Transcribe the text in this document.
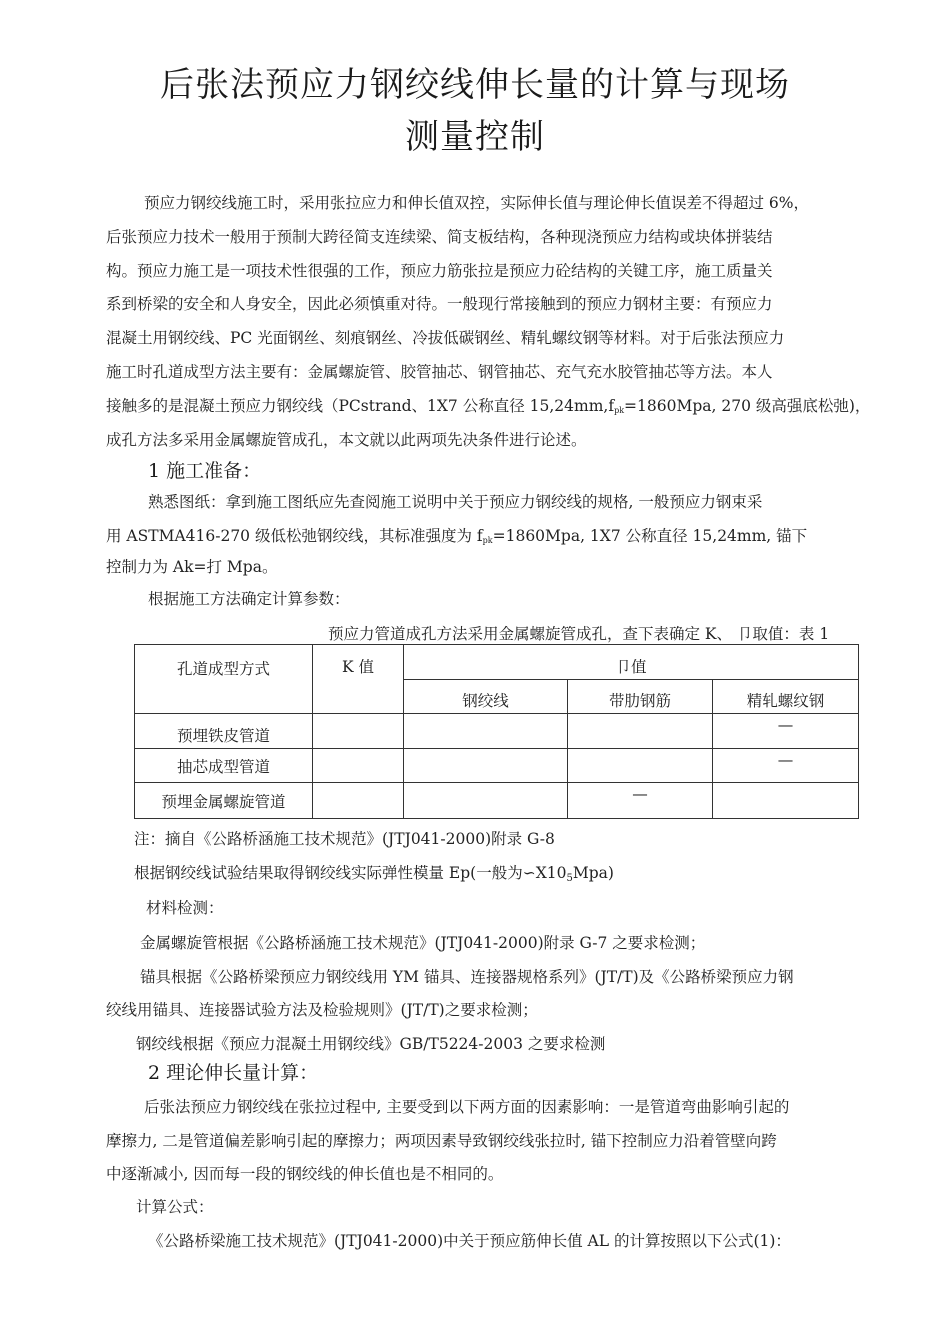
后张法预应力钢绞线伸长量的计算与现场
测量控制
预应力钢绞线施工时，采用张拉应力和伸长值双控，实际伸长值与理论伸长值误差不得超过 6%，
后张预应力技术一般用于预制大跨径简支连续梁、简支板结构，各种现浇预应力结构或块体拼装结
构。预应力施工是一项技术性很强的工作，预应力筋张拉是预应力砼结构的关键工序，施工质量关
系到桥梁的安全和人身安全，因此必须慎重对待。一般现行常接触到的预应力钢材主要：有预应力
混凝土用钢绞线、PC 光面钢丝、刻痕钢丝、冷拔低碳钢丝、精轧螺纹钢等材料。对于后张法预应力
施工时孔道成型方法主要有：金属螺旋管、胶管抽芯、钢管抽芯、充气充水胶管抽芯等方法。本人
接触多的是混凝土预应力钢绞线（PCstrand、1X7 公称直径 $15,24mm,f_{pk}=1860Mpa$, 270 级高强底松弛)，
成孔方法多采用金属螺旋管成孔，本文就以此两项先决条件进行论述。
1 施工准备：
熟悉图纸：拿到施工图纸应先查阅施工说明中关于预应力钢绞线的规格, 一般预应力钢束采
用 ASTMA416-270 级低松弛钢绞线，其标准强度为 $f_{pk}=1860Mpa$, 1X7 公称直径 15,24mm, 锚下
控制力为 Ak=打 Mpa。
根据施工方法确定计算参数：
预应力管道成孔方法采用金属螺旋管成孔，查下表确定 K、 卩取值：表 1
孔道成型方式	K 值	卩值		
		钢绞线	带肋钢筋	精轧螺纹钢
预埋铁皮管道				—
抽芯成型管道				—
预埋金属螺旋管道			—	
注：摘自《公路桥涵施工技术规范》(JTJ041-2000)附录 G-8
根据钢绞线试验结果取得钢绞线实际弹性模量 Ep(一般为$∽X10_5Mpa$)
材料检测：
金属螺旋管根据《公路桥涵施工技术规范》(JTJ041-2000)附录 G-7 之要求检测；
锚具根据《公路桥梁预应力钢绞线用 YM 锚具、连接器规格系列》(JT/T)及《公路桥梁预应力钢
绞线用锚具、连接器试验方法及检验规则》(JT/T)之要求检测；
钢绞线根据《预应力混凝土用钢绞线》GB/T5224-2003 之要求检测
2 理论伸长量计算：
后张法预应力钢绞线在张拉过程中, 主要受到以下两方面的因素影响：一是管道弯曲影响引起的
摩擦力, 二是管道偏差影响引起的摩擦力；两项因素导致钢绞线张拉时, 锚下控制应力沿着管壁向跨
中逐渐减小, 因而每一段的钢绞线的伸长值也是不相同的。
计算公式：
《公路桥梁施工技术规范》(JTJ041-2000)中关于预应筋伸长值 AL 的计算按照以下公式(1)：
